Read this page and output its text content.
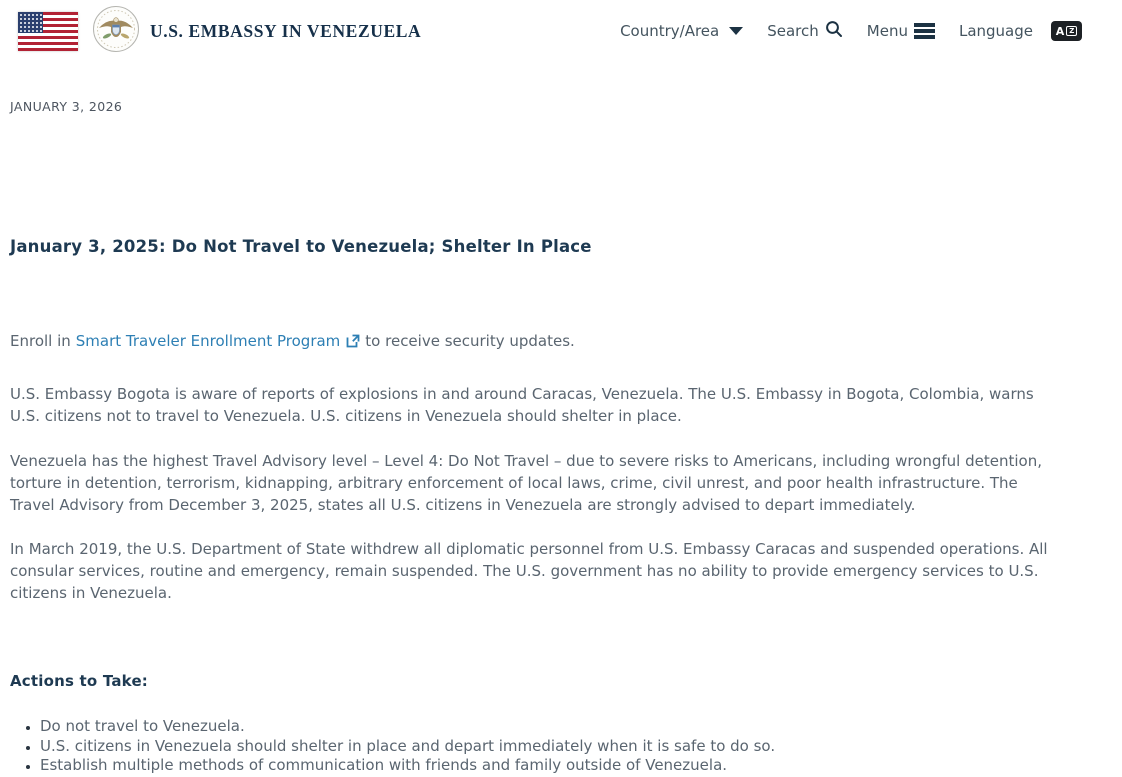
U.S. EMBASSY IN VENEZUELA	Country/Area	Search	Menu	Language A Z
JANUARY 3, 2026
January 3, 2025: Do Not Travel to Venezuela; Shelter In Place

Enroll in Smart Traveler Enrollment Program to receive security updates.

U.S. Embassy Bogota is aware of reports of explosions in and around Caracas, Venezuela. The U.S. Embassy in Bogota, Colombia, warns U.S. citizens not to travel to Venezuela. U.S. citizens in Venezuela should shelter in place.

Venezuela has the highest Travel Advisory level – Level 4: Do Not Travel – due to severe risks to Americans, including wrongful detention, torture in detention, terrorism, kidnapping, arbitrary enforcement of local laws, crime, civil unrest, and poor health infrastructure. The Travel Advisory from December 3, 2025, states all U.S. citizens in Venezuela are strongly advised to depart immediately.

In March 2019, the U.S. Department of State withdrew all diplomatic personnel from U.S. Embassy Caracas and suspended operations. All consular services, routine and emergency, remain suspended. The U.S. government has no ability to provide emergency services to U.S. citizens in Venezuela.

Actions to Take:
• Do not travel to Venezuela.
• U.S. citizens in Venezuela should shelter in place and depart immediately when it is safe to do so.
• Establish multiple methods of communication with friends and family outside of Venezuela.
